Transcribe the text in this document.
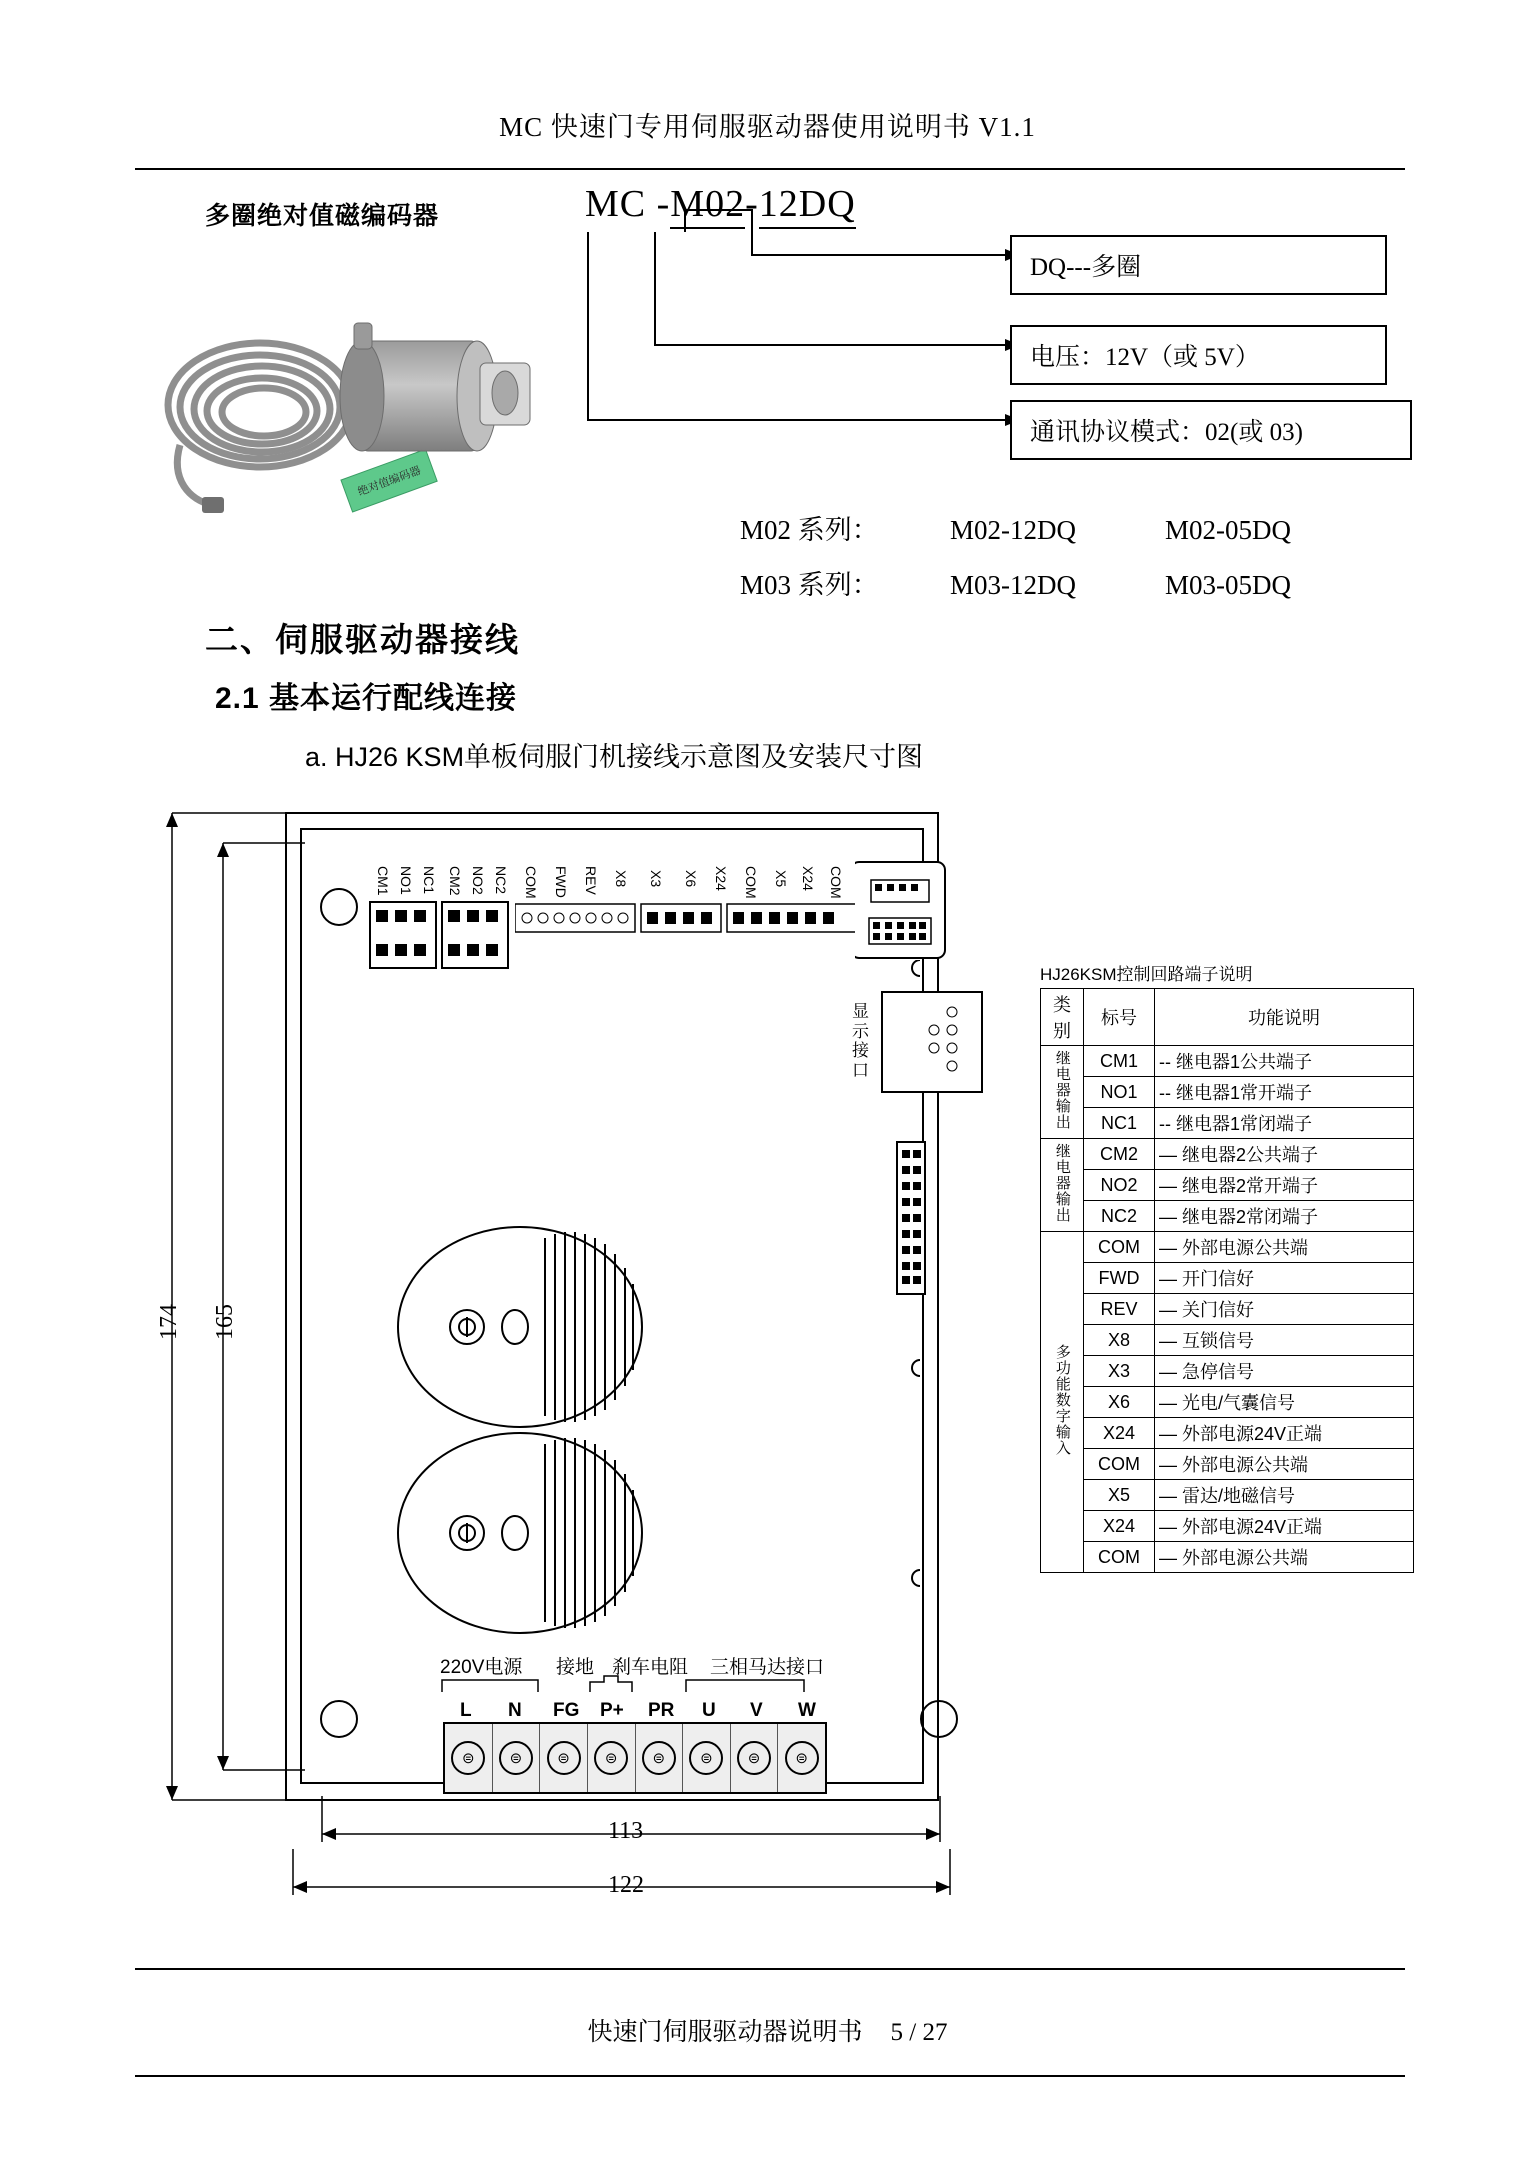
MC 快速门专用伺服驱动器使用说明书 V1.1
多圈绝对值磁编码器	MC -M02-12DQ
DQ---多圈
电压：12V（或 5V）
通讯协议模式：02(或 03)
M02 系列：	M02-12DQ	M02-05DQ
M03 系列：	M03-12DQ	M03-05DQ
绝对值编码器
二、伺服驱动器接线
2.1 基本运行配线连接
a. HJ26 KSM单板伺服门机接线示意图及安装尺寸图
CM1 NO1 NC1 CM2 NO2 NC2 COM FWD REV X8 X3 X6 X24 COM X5 X24 COM
显示接口
220V电源 接地 刹车电阻 三相马达接口
L N FG P+ PR U V W
⊜	⊜	⊜	⊜	⊜	⊜	⊜	⊜
174 165
113
122
HJ26KSM控制回路端子说明
类别	标号	功能说明
继电器输出	CM1	-- 继电器1公共端子
	NO1	-- 继电器1常开端子
	NC1	-- 继电器1常闭端子
继电器输出	CM2	— 继电器2公共端子
	NO2	— 继电器2常开端子
	NC2	— 继电器2常闭端子
多功能数字输入	COM	— 外部电源公共端
	FWD	— 开门信好
	REV	— 关门信好
	X8	— 互锁信号
	X3	— 急停信号
	X6	— 光电/气囊信号
	X24	— 外部电源24V正端
	COM	— 外部电源公共端
	X5	— 雷达/地磁信号
	X24	— 外部电源24V正端
	COM	— 外部电源公共端
快速门伺服驱动器说明书 5 / 27
